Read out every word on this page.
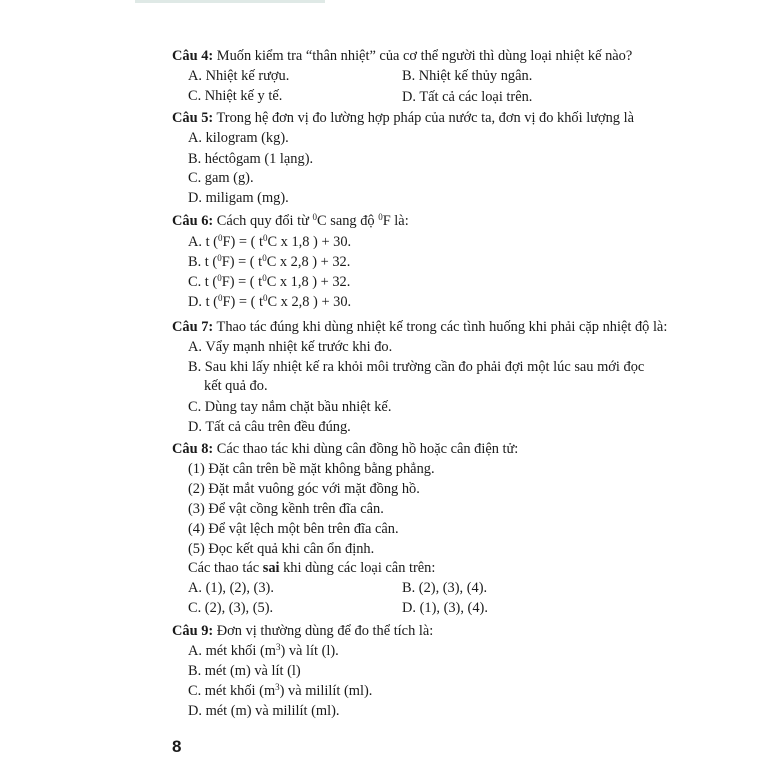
Câu 4: Muốn kiểm tra “thân nhiệt” của cơ thể người thì dùng loại nhiệt kế nào?
A. Nhiệt kế rượu.	B. Nhiệt kế thủy ngân.
C. Nhiệt kế y tế.	D. Tất cả các loại trên.
Câu 5: Trong hệ đơn vị đo lường hợp pháp của nước ta, đơn vị đo khối lượng là
A. kilogram (kg).
B. héctôgam (1 lạng).
C. gam (g).
D. miligam (mg).
Câu 6: Cách quy đổi từ $^0$C sang độ $^0$F là:
A. t ($^0$F) = ( $t^0C$ x 1,8 ) + 30.
B. t ($^0$F) = ( $t^0C$ x 2,8 ) + 32.
C. t ($^0$F) = ( $t^0C$ x 1,8 ) + 32.
D. t ($^0$F) = ( $t^0C$ x 2,8 ) + 30.
Câu 7: Thao tác đúng khi dùng nhiệt kế trong các tình huống khi phải cặp nhiệt độ là:
A. Vẩy mạnh nhiệt kế trước khi đo.
B. Sau khi lấy nhiệt kế ra khỏi môi trường cần đo phải đợi một lúc sau mới đọc
kết quả đo.
C. Dùng tay nắm chặt bầu nhiệt kế.
D. Tất cả câu trên đều đúng.
Câu 8: Các thao tác khi dùng cân đồng hồ hoặc cân điện tử:
(1) Đặt cân trên bề mặt không bằng phẳng.
(2) Đặt mắt vuông góc với mặt đồng hồ.
(3) Để vật cồng kềnh trên đĩa cân.
(4) Để vật lệch một bên trên đĩa cân.
(5) Đọc kết quả khi cân ổn định.
Các thao tác sai khi dùng các loại cân trên:
A. (1), (2), (3).	B. (2), (3), (4).
C. (2), (3), (5).	D. (1), (3), (4).
Câu 9: Đơn vị thường dùng để đo thể tích là:
A. mét khối $(m^3)$ và lít (l).
B. mét (m) và lít (l)
C. mét khối $(m^3)$ và mililít (ml).
D. mét (m) và mililít (ml).
8
